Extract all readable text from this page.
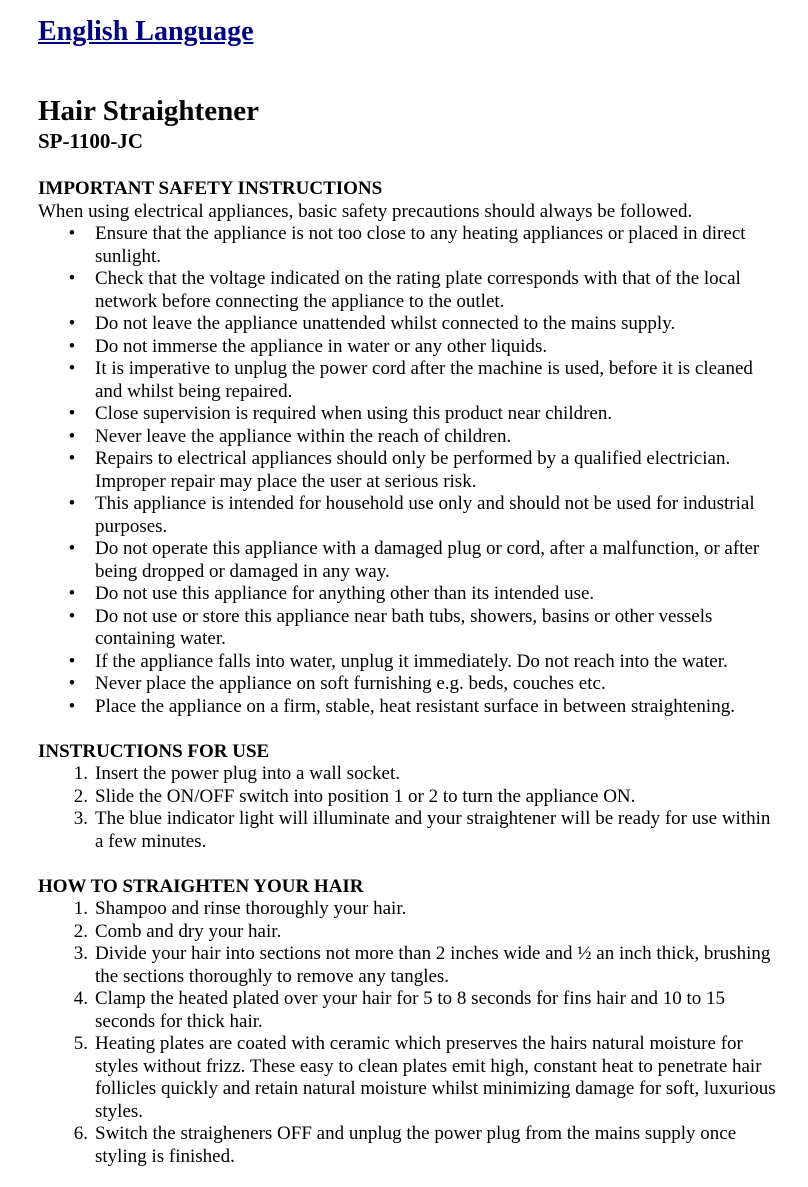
English Language
Hair Straightener
SP-1100-JC
IMPORTANT SAFETY INSTRUCTIONS

When using electrical appliances, basic safety precautions should always be followed.

• Ensure that the appliance is not too close to any heating appliances or placed in direct sunlight.
• Check that the voltage indicated on the rating plate corresponds with that of the local network before connecting the appliance to the outlet.
• Do not leave the appliance unattended whilst connected to the mains supply.
• Do not immerse the appliance in water or any other liquids.
• It is imperative to unplug the power cord after the machine is used, before it is cleaned and whilst being repaired.
• Close supervision is required when using this product near children.
• Never leave the appliance within the reach of children.
• Repairs to electrical appliances should only be performed by a qualified electrician. Improper repair may place the user at serious risk.
• This appliance is intended for household use only and should not be used for industrial purposes.
• Do not operate this appliance with a damaged plug or cord, after a malfunction, or after being dropped or damaged in any way.
• Do not use this appliance for anything other than its intended use.
• Do not use or store this appliance near bath tubs, showers, basins or other vessels containing water.
• If the appliance falls into water, unplug it immediately. Do not reach into the water.
• Never place the appliance on soft furnishing e.g. beds, couches etc.
• Place the appliance on a firm, stable, heat resistant surface in between straightening.
INSTRUCTIONS FOR USE
1. Insert the power plug into a wall socket.
2. Slide the ON/OFF switch into position 1 or 2 to turn the appliance ON.
3. The blue indicator light will illuminate and your straightener will be ready for use within a few minutes.
HOW TO STRAIGHTEN YOUR HAIR
1. Shampoo and rinse thoroughly your hair.
2. Comb and dry your hair.
3. Divide your hair into sections not more than 2 inches wide and ½ an inch thick, brushing the sections thoroughly to remove any tangles.
4. Clamp the heated plated over your hair for 5 to 8 seconds for fins hair and 10 to 15 seconds for thick hair.
5. Heating plates are coated with ceramic which preserves the hairs natural moisture for styles without frizz. These easy to clean plates emit high, constant heat to penetrate hair follicles quickly and retain natural moisture whilst minimizing damage for soft, luxurious styles.
6. Switch the straigheners OFF and unplug the power plug from the mains supply once styling is finished.
